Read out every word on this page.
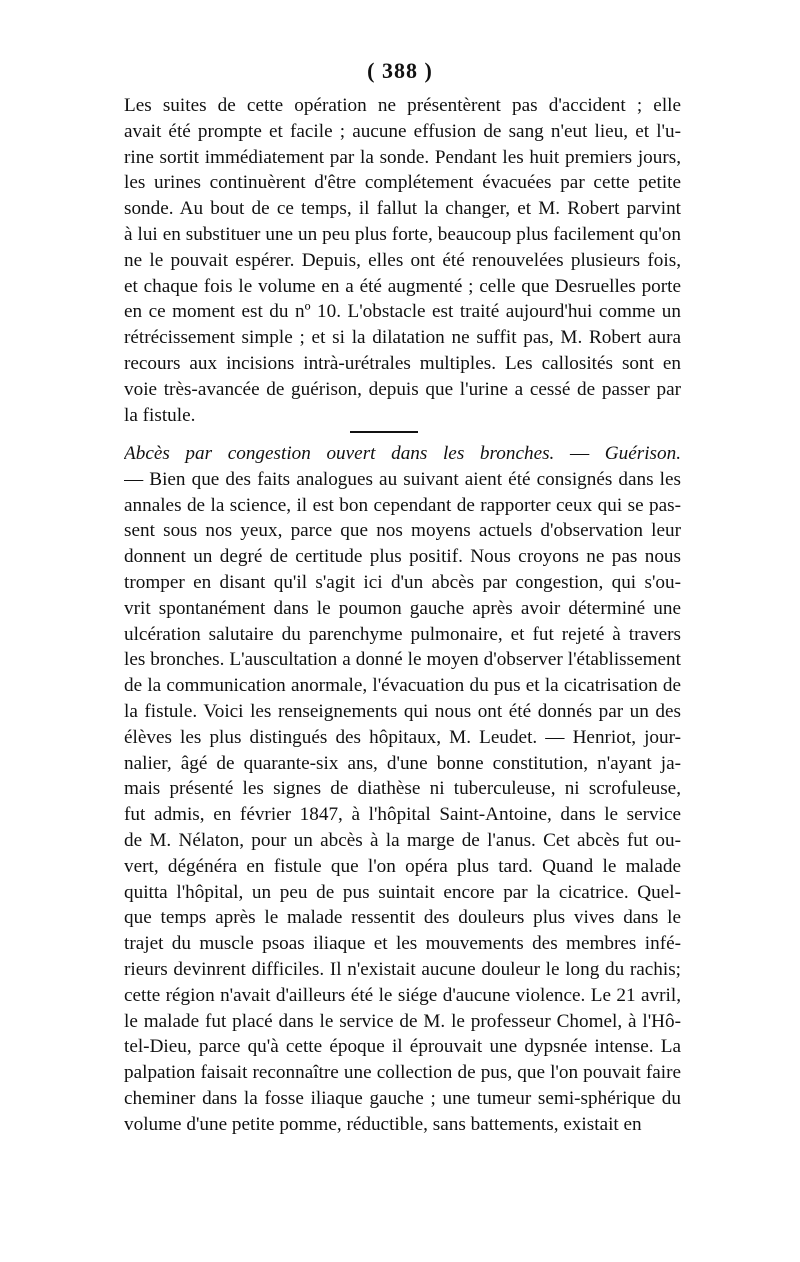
( 388 )
Les suites de cette opération ne présentèrent pas d'accident ; elle
avait été prompte et facile ; aucune effusion de sang n'eut lieu, et l'u-
rine sortit immédiatement par la sonde. Pendant les huit premiers jours,
les urines continuèrent d'être complétement évacuées par cette petite
sonde. Au bout de ce temps, il fallut la changer, et M. Robert parvint
à lui en substituer une un peu plus forte, beaucoup plus facilement qu'on
ne le pouvait espérer. Depuis, elles ont été renouvelées plusieurs fois,
et chaque fois le volume en a été augmenté ; celle que Desruelles porte
en ce moment est du nº 10. L'obstacle est traité aujourd'hui comme un
rétrécissement simple ; et si la dilatation ne suffit pas, M. Robert aura
recours aux incisions intrà-urétrales multiples. Les callosités sont en
voie très-avancée de guérison, depuis que l'urine a cessé de passer par
la fistule.
Abcès par congestion ouvert dans les bronches. — Guérison.
— Bien que des faits analogues au suivant aient été consignés dans les
annales de la science, il est bon cependant de rapporter ceux qui se pas-
sent sous nos yeux, parce que nos moyens actuels d'observation leur
donnent un degré de certitude plus positif. Nous croyons ne pas nous
tromper en disant qu'il s'agit ici d'un abcès par congestion, qui s'ou-
vrit spontanément dans le poumon gauche après avoir déterminé une
ulcération salutaire du parenchyme pulmonaire, et fut rejeté à travers
les bronches. L'auscultation a donné le moyen d'observer l'établissement
de la communication anormale, l'évacuation du pus et la cicatrisation de
la fistule. Voici les renseignements qui nous ont été donnés par un des
élèves les plus distingués des hôpitaux, M. Leudet. — Henriot, jour-
nalier, âgé de quarante-six ans, d'une bonne constitution, n'ayant ja-
mais présenté les signes de diathèse ni tuberculeuse, ni scrofuleuse,
fut admis, en février 1847, à l'hôpital Saint-Antoine, dans le service
de M. Nélaton, pour un abcès à la marge de l'anus. Cet abcès fut ou-
vert, dégénéra en fistule que l'on opéra plus tard. Quand le malade
quitta l'hôpital, un peu de pus suintait encore par la cicatrice. Quel-
que temps après le malade ressentit des douleurs plus vives dans le
trajet du muscle psoas iliaque et les mouvements des membres infé-
rieurs devinrent difficiles. Il n'existait aucune douleur le long du rachis;
cette région n'avait d'ailleurs été le siége d'aucune violence. Le 21 avril,
le malade fut placé dans le service de M. le professeur Chomel, à l'Hô-
tel-Dieu, parce qu'à cette époque il éprouvait une dypsnée intense. La
palpation faisait reconnaître une collection de pus, que l'on pouvait faire
cheminer dans la fosse iliaque gauche ; une tumeur semi-sphérique du
volume d'une petite pomme, réductible, sans battements, existait en
